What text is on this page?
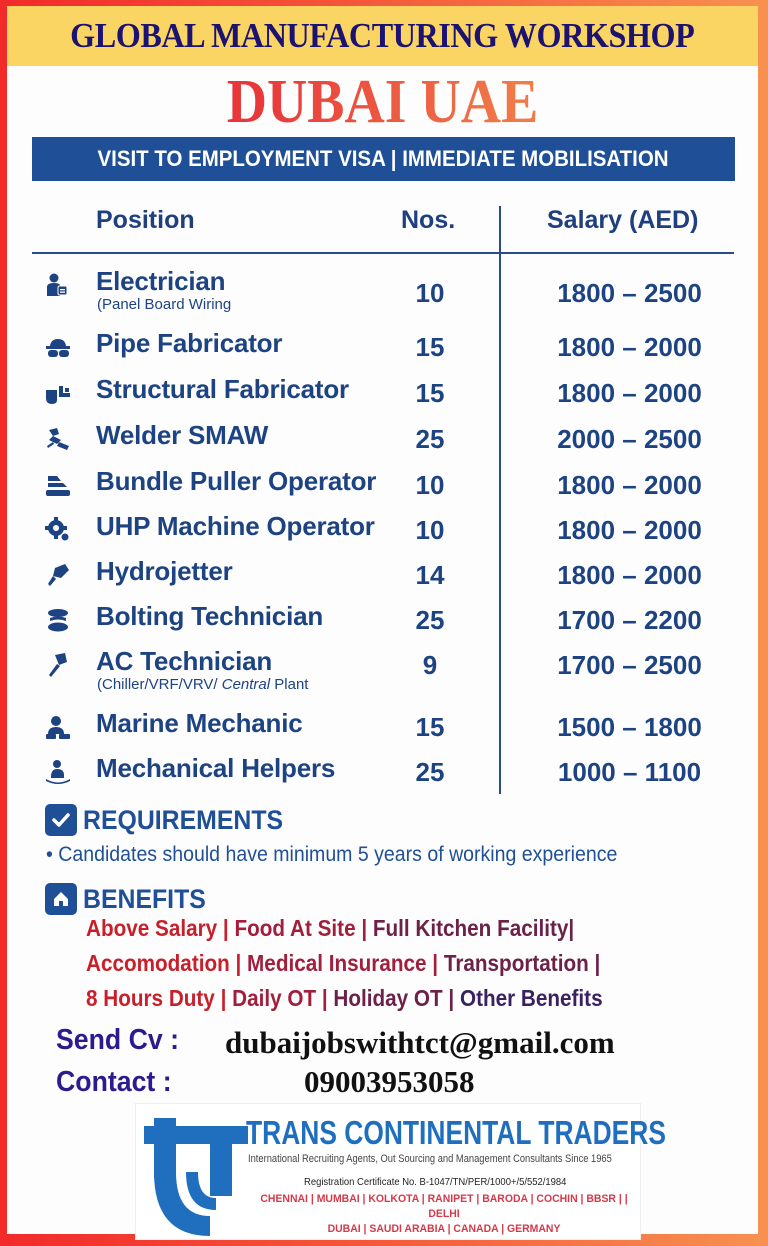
GLOBAL MANUFACTURING WORKSHOP
DUBAI UAE
VISIT TO EMPLOYMENT VISA | IMMEDIATE MOBILISATION
Position	Nos.	Salary (AED)
Electrician
(Panel Board Wiring	10	1800 – 2500
Pipe Fabricator	15	1800 – 2000
Structural Fabricator	15	1800 – 2000
Welder SMAW	25	2000 – 2500
Bundle Puller Operator	10	1800 – 2000
UHP Machine Operator	10	1800 – 2000
Hydrojetter	14	1800 – 2000
Bolting Technician	25	1700 – 2200
AC Technician
(Chiller/VRF/VRV/ Central Plant
9	1700 – 2500
Marine Mechanic	15	1500 – 1800
Mechanical Helpers	25	1000 – 1100
REQUIREMENTS
• Candidates should have minimum 5 years of working experience
BENEFITS
Above Salary | Food At Site | Full Kitchen Facility|
Accomodation | Medical Insurance | Transportation |
8 Hours Duty | Daily OT | Holiday OT | Other Benefits
Send Cv : dubaijobswithtct@gmail.com
Contact :	09003953058
TRANS CONTINENTAL TRADERS
International Recruiting Agents, Out Sourcing and Management Consultants Since 1965
Registration Certificate No. B-1047/TN/PER/1000+/5/552/1984
CHENNAI | MUMBAI | KOLKOTA | RANIPET | BARODA | COCHIN | BBSR | | DELHI
DUBAI | SAUDI ARABIA | CANADA | GERMANY
